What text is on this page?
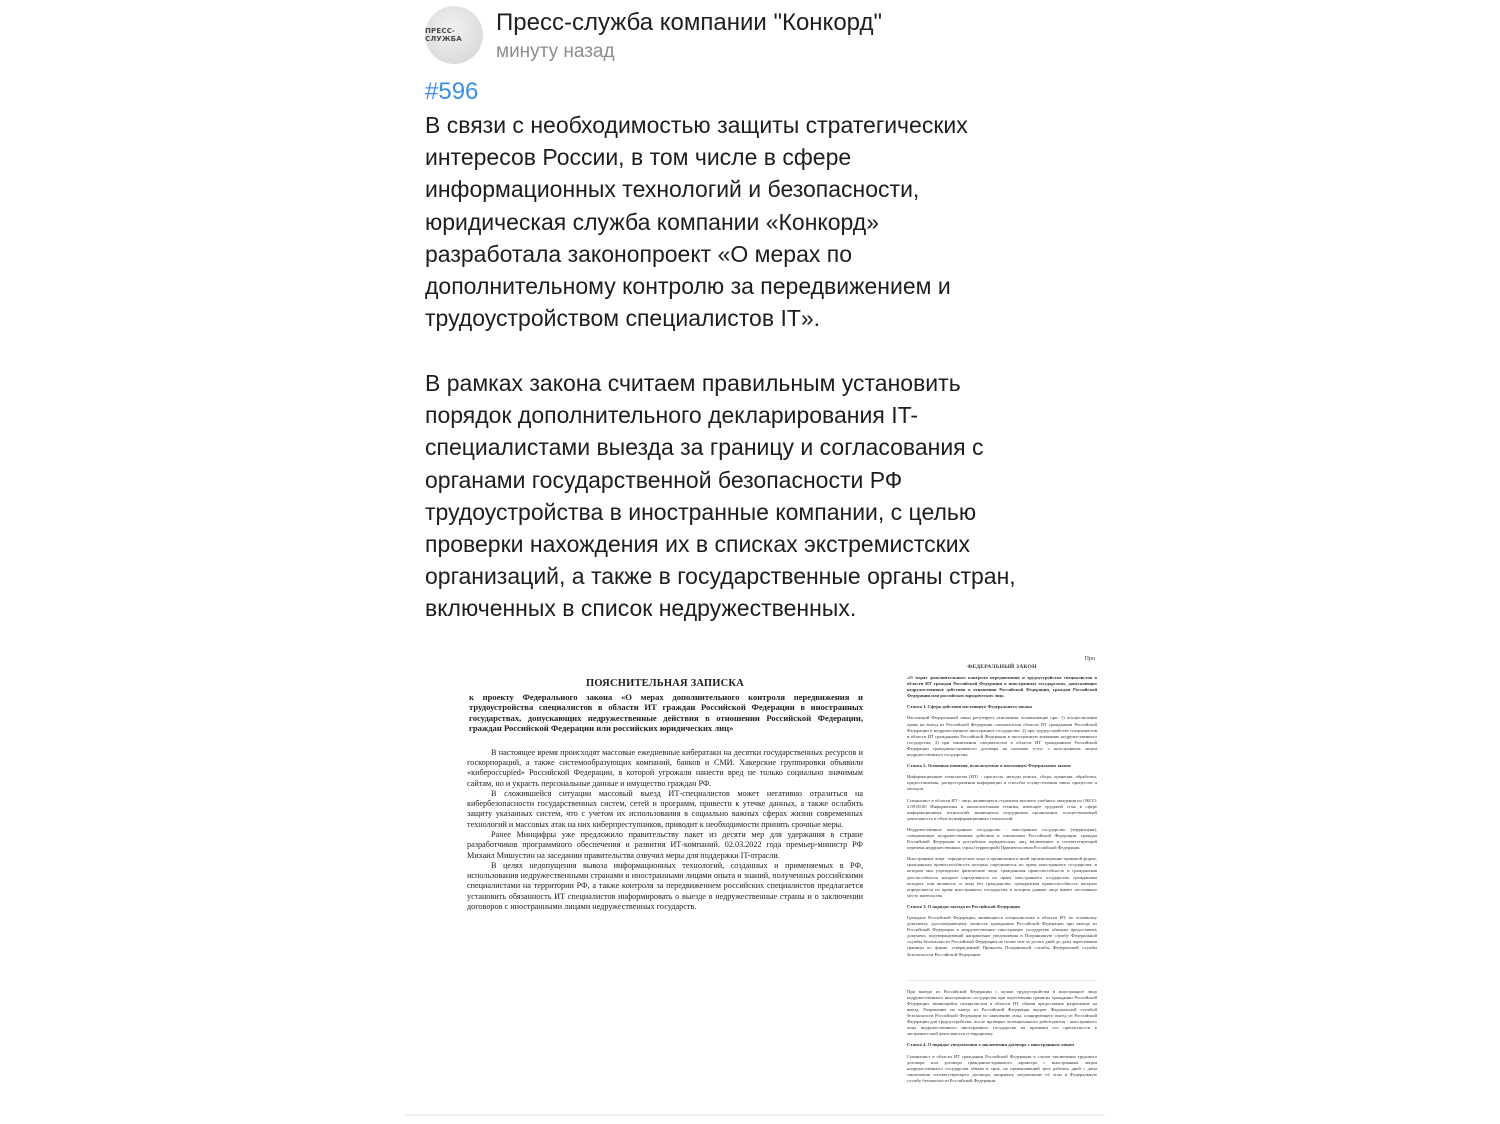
ПРЕСС-СЛУЖБА
Пресс-служба компании "Конкорд"
минуту назад
#596
В связи с необходимостью защиты стратегических
интересов России, в том числе в сфере
информационных технологий и безопасности,
юридическая служба компании «Конкорд»
разработала законопроект «О мерах по
дополнительному контролю за передвижением и
трудоустройством специалистов IT».
В рамках закона считаем правильным установить
порядок дополнительного декларирования IT-
специалистами выезда за границу и согласования с
органами государственной безопасности РФ
трудоустройства в иностранные компании, с целью
проверки нахождения их в списках экстремистских
организаций, а также в государственные органы стран,
включенных в список недружественных.
ПОЯСНИТЕЛЬНАЯ ЗАПИСКА
к проекту Федерального закона «О мерах дополнительного контроля передвижения и трудоустройства специалистов в области ИТ граждан Российской Федерации в иностранных государствах, допускающих недружественные действия в отношении Российской Федерации, граждан Российской Федерации или российских юридических лиц»

В настоящее время происходят массовые ежедневные кибератаки на десятки государственных ресурсов и госкорпораций, а также системообразующих компаний, банков и СМИ. Хакерские группировки объявили «киберoccupied» Российской Федерации, в которой угрожали нанести вред не только социально значимым сайтам, но и украсть персональные данные и имущество граждан РФ.

В сложившейся ситуации массовый выезд ИТ-специалистов может негативно отразиться на кибербезопасности государственных систем, сетей и программ, привести к утечке данных, а также ослабить защиту указанных систем, что с учетом их использования в социально важных сферах жизни современных технологий и массовых атак на них киберпреступников, приводит к необходимости принять срочные меры.

Ранее Минцифры уже предложило правительству пакет из десяти мер для удержания в стране разработчиков программного обеспечения и развития ИТ-компаний. 02.03.2022 года премьер-министр РФ Михаил Мишустин на заседании правительства озвучил меры для поддержки IT-отрасли.

В целях недопущения вывоза информационных технологий, созданных и применяемых в РФ, использования недружественными странами и иностранными лицами опыта и знаний, полученных российскими специалистами на территории РФ, а также контроля за передвижением российских специалистов предлагается установить обязанность ИТ специалистов информировать о выезде в недружественные страны и о заключении договоров с иностранными лицами недружественных государств.

Про
ФЕДЕРАЛЬНЫЙ ЗАКОН
«О мерах дополнительного контроля передвижения и трудоустройства специалистов в области ИТ граждан Российской Федерации в иностранных государствах, допускающих недружественные действия в отношении Российской Федерации, граждан Российской Федерации или российских юридических лиц»
Статья 1. Сфера действия настоящего Федерального закона
Настоящий Федеральный закон регулирует отношения, возникающие при: 1) осуществлении права на выезд из Российской Федерации специалистов области ИТ гражданами Российской Федерации в недружественное иностранное государство; 2) при трудоустройстве специалистов в области ИТ гражданами Российской Федерации в иностранную компанию недружественного государства; 3) при заключении специалистом в области ИТ гражданином Российской Федерации гражданско-правового договора на оказание услуг с иностранным лицом недружественного государства.
Статья 2. Основные понятия, используемые в настоящем Федеральном законе
Информационные технологии (ИТ) - процессы, методы поиска, сбора, хранения, обработки, предоставления, распространения информации и способы осуществления таких процессов и методов.
Специалист в области ИТ - лицо, являющееся студентом высшего учебного заведения по ОКСО: 2.09.00.00 Информатика и вычислительная техника; имеющее трудовой стаж в сфере информационных технологий; являющееся сотрудником организации, осуществляющей деятельность в области информационных технологий.
Недружественное иностранное государство - иностранное государство (территория), совершающее недружественные действия в отношении Российской Федерации, граждан Российской Федерации и российских юридических лиц, включенное в соответствующий перечень недружественных стран (территорий) Правительством Российской Федерации.
Иностранные лица - юридические лица и организации в иной организационно-правовой форме, гражданская правоспособность которых определяется по праву иностранного государства, в котором они учреждены; физические лица, гражданская правоспособность и гражданская дееспособность которых определяются по праву иностранного государства, гражданами которого они являются, и лица без гражданства, гражданская правоспособность которых определяется по праву иностранного государства, в котором данные лица имеют постоянное место жительства.
Статья 3. О порядке выезда из Российской Федерации
Граждане Российской Федерации, являющиеся специалистами в области ИТ, по основному документу, удостоверяющему личность гражданина Российской Федерации при выезде из Российской Федерации в недружественное иностранное государство обязаны предоставить документ, подтверждающий направление уведомления в Пограничную службу Федеральной службы безопасности Российской Федерации не позже чем за десять дней до даты пересечения границы по форме, утвержденной Приказом Пограничной службы Федеральной службы безопасности Российской Федерации.
При выезде из Российской Федерации с целью трудоустройства в иностранное лицо недружественного иностранного государства при пересечении границы гражданин Российской Федерации, являющийся специалистом в области ИТ, обязан предоставить разрешение на выезд. Разрешение на выезд из Российской Федерации выдает Федеральной службой безопасности Российской Федерации по заявлению лица, планирующего выезд из Российской Федерации для трудоустройства, после проверки потенциального работодателя - иностранного лица недружественного иностранного государства на признаки его причастности к экстремистской деятельности и терроризму.
Статья 4. О порядке уведомления о заключении договора с иностранным лицом
Специалист в области ИТ гражданин Российской Федерации в случае заключения трудового договора или договора гражданско-правового характера с иностранным лицом недружественного государства обязан в срок, не превышающий трех рабочих дней с даты заключения соответствующего договора, направить уведомление об этом в Федеральную службу безопасности Российской Федерации.
